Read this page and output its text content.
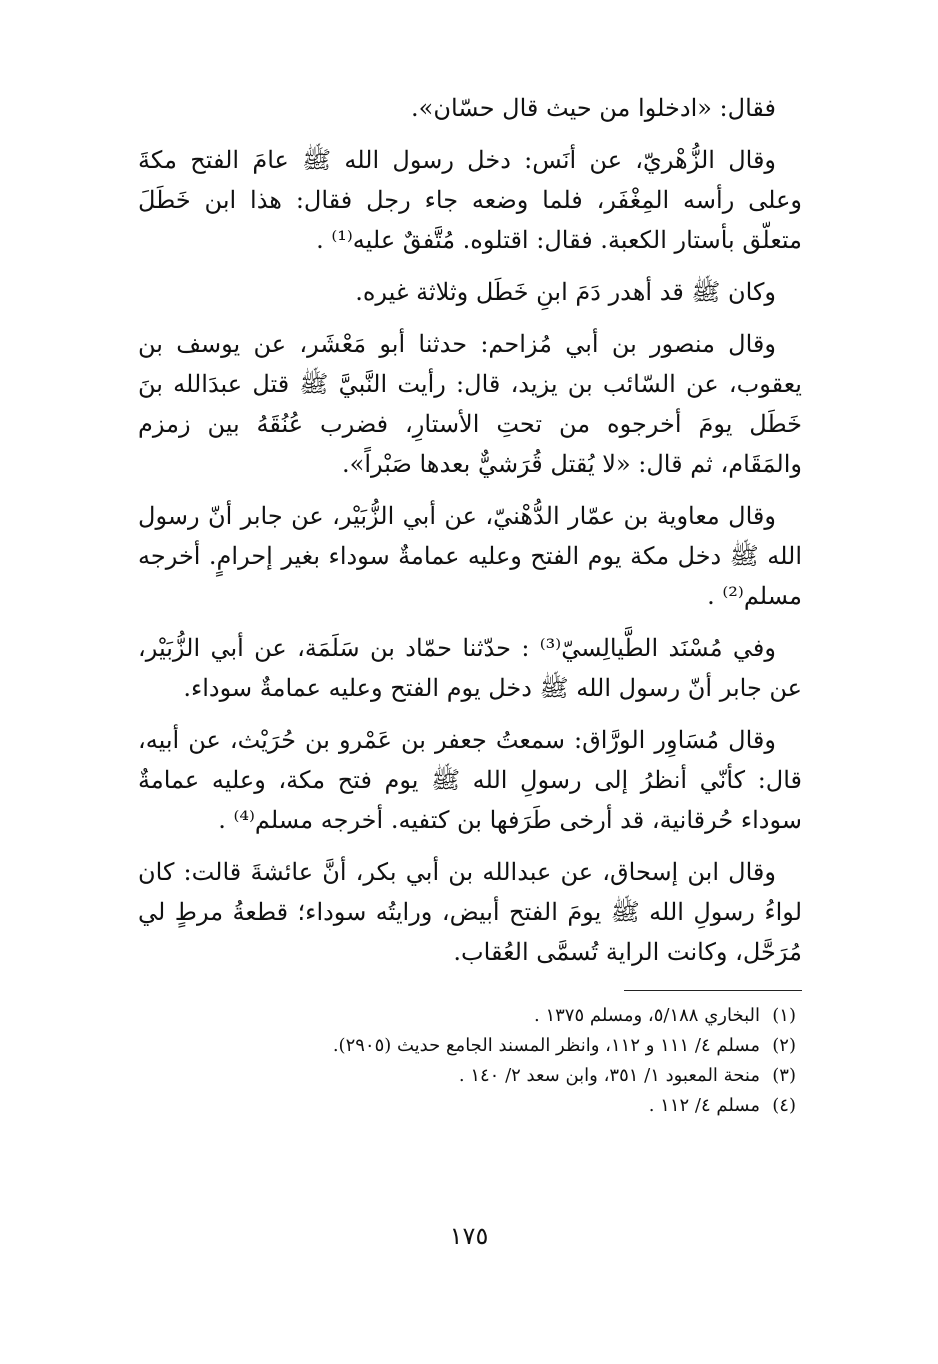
فقال: «ادخلوا من حيث قال حسّان».

وقال الزُّهْريّ، عن أنَس: دخل رسول الله ﷺ عامَ الفتح مكةَ وعلى رأسه المِغْفَر، فلما وضعه جاء رجل فقال: هذا ابن خَطَلَ متعلّق بأستار الكعبة. فقال: اقتلوه. مُتَّفقٌ عليه⁽¹⁾ .

وكان ﷺ قد أهدر دَمَ ابنِ خَطَل وثلاثة غيره.

وقال منصور بن أبي مُزاحم: حدثنا أبو مَعْشَر، عن يوسف بن يعقوب، عن السّائب بن يزيد، قال: رأيت النَّبيَّ ﷺ قتل عبدَالله بنَ خَطَل يومَ أخرجوه من تحتِ الأستارِ، فضرب عُنُقَهُ بين زمزم والمَقَام، ثم قال: «لا يُقتل قُرَشيٌّ بعدها صَبْراً».

وقال معاوية بن عمّار الدُّهْنيّ، عن أبي الزُّبَيْر، عن جابر أنّ رسول الله ﷺ دخل مكة يوم الفتح وعليه عمامةٌ سوداء بغير إحرامٍ. أخرجه مسلم⁽²⁾ .

وفي مُسْنَد الطَّيالِسيّ⁽³⁾ : حدّثنا حمّاد بن سَلَمَة، عن أبي الزُّبَيْر، عن جابر أنّ رسول الله ﷺ دخل يوم الفتح وعليه عمامةٌ سوداء.

وقال مُسَاوِر الورَّاق: سمعتُ جعفر بن عَمْرو بن حُرَيْث، عن أبيه، قال: كأنّي أنظرُ إلى رسولِ الله ﷺ يوم فتح مكة، وعليه عمامةٌ سوداء حُرقانية، قد أرخى طَرَفها بن كتفيه. أخرجه مسلم⁽⁴⁾ .

وقال ابن إسحاق، عن عبدالله بن أبي بكر، أنَّ عائشةَ قالت: كان لواءُ رسولِ الله ﷺ يومَ الفتح أبيض، ورايتُه سوداء؛ قطعةُ مرطٍ لي مُرَحَّل، وكانت الراية تُسمَّى العُقاب.

(١)
البخاري ٥/١٨٨، ومسلم ١٣٧٥ .
(٢)
مسلم ٤/ ١١١ و ١١٢، وانظر المسند الجامع حديث (٢٩٠٥).
(٣)
منحة المعبود ١/ ٣٥١، وابن سعد ٢/ ١٤٠ .
(٤)
مسلم ٤/ ١١٢ .
١٧٥
